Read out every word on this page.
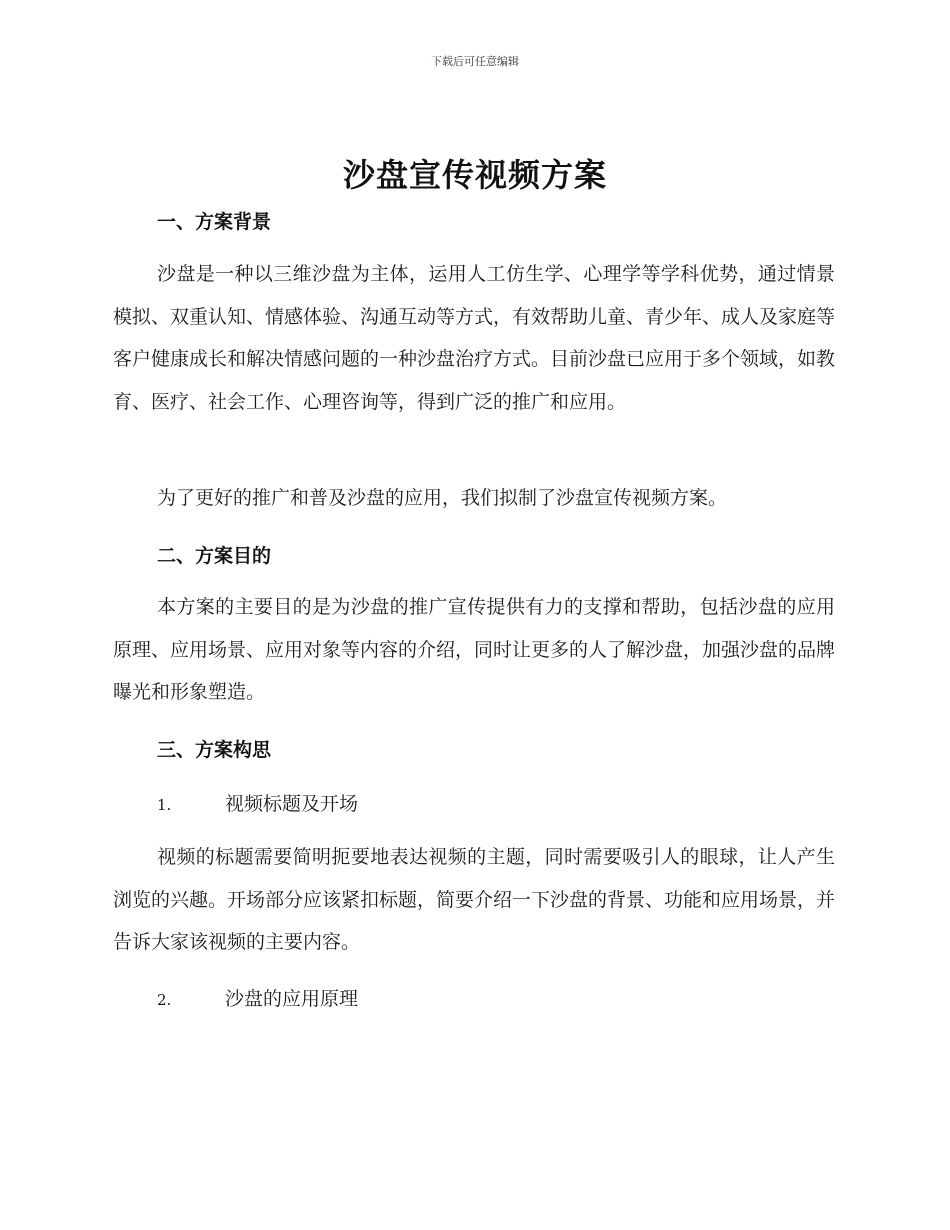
下载后可任意编辑
沙盘宣传视频方案
一、方案背景
沙盘是一种以三维沙盘为主体，运用人工仿生学、心理学等学科优势，通过情景模拟、双重认知、情感体验、沟通互动等方式，有效帮助儿童、青少年、成人及家庭等客户健康成长和解决情感问题的一种沙盘治疗方式。目前沙盘已应用于多个领域，如教育、医疗、社会工作、心理咨询等，得到广泛的推广和应用。
为了更好的推广和普及沙盘的应用，我们拟制了沙盘宣传视频方案。
二、方案目的
本方案的主要目的是为沙盘的推广宣传提供有力的支撑和帮助，包括沙盘的应用原理、应用场景、应用对象等内容的介绍，同时让更多的人了解沙盘，加强沙盘的品牌曝光和形象塑造。
三、方案构思
1.	视频标题及开场
视频的标题需要简明扼要地表达视频的主题，同时需要吸引人的眼球，让人产生浏览的兴趣。开场部分应该紧扣标题，简要介绍一下沙盘的背景、功能和应用场景，并告诉大家该视频的主要内容。
2.	沙盘的应用原理
